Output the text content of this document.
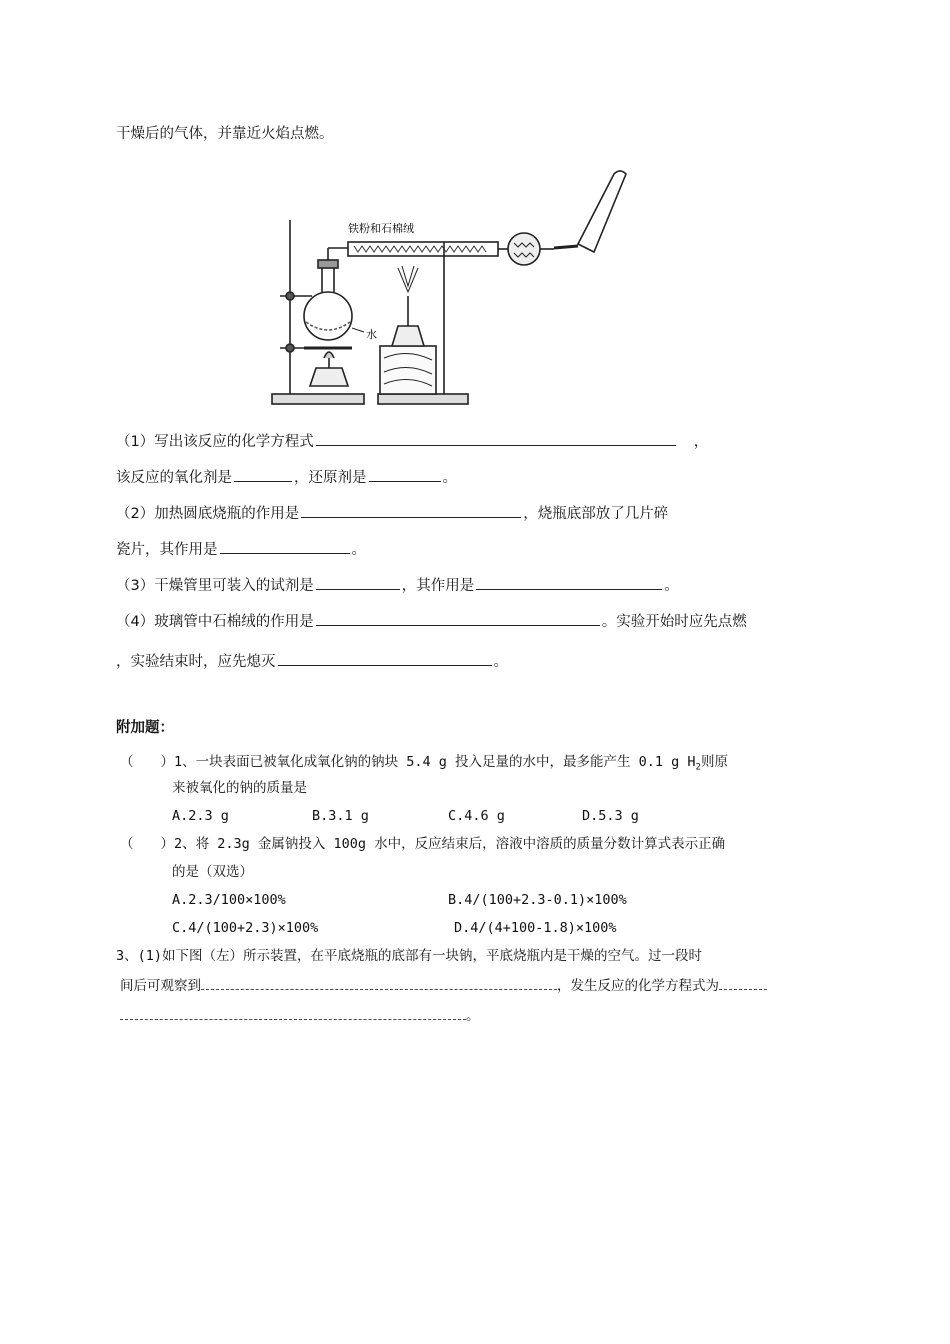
干燥后的气体，并靠近火焰点燃。
铁粉和石棉绒
水
（1）写出该反应的化学方程式	，
该反应的氧化剂是	，还原剂是	。
（2）加热圆底烧瓶的作用是	，烧瓶底部放了几片碎
瓷片，其作用是	。
（3）干燥管里可装入的试剂是	，其作用是	。
（4）玻璃管中石棉绒的作用是	。实验开始时应先点燃
，实验结束时，应先熄灭	。
附加题：
（　　）1、一块表面已被氧化成氧化钠的钠块 5.4 g 投入足量的水中，最多能产生 0.1 g $H_2$则原
来被氧化的钠的质量是
A.2.3 g	B.3.1 g	C.4.6 g	D.5.3 g
（　　）2、将 2.3g 金属钠投入 100g 水中，反应结束后，溶液中溶质的质量分数计算式表示正确
的是（双选）
A.2.3/100×100%	B.4/(100+2.3-0.1)×100%
C.4/(100+2.3)×100%	D.4/(4+100-1.8)×100%
3、(1)如下图（左）所示装置，在平底烧瓶的底部有一块钠，平底烧瓶内是干燥的空气。过一段时
间后可观察到	，发生反应的化学方程式为
。
